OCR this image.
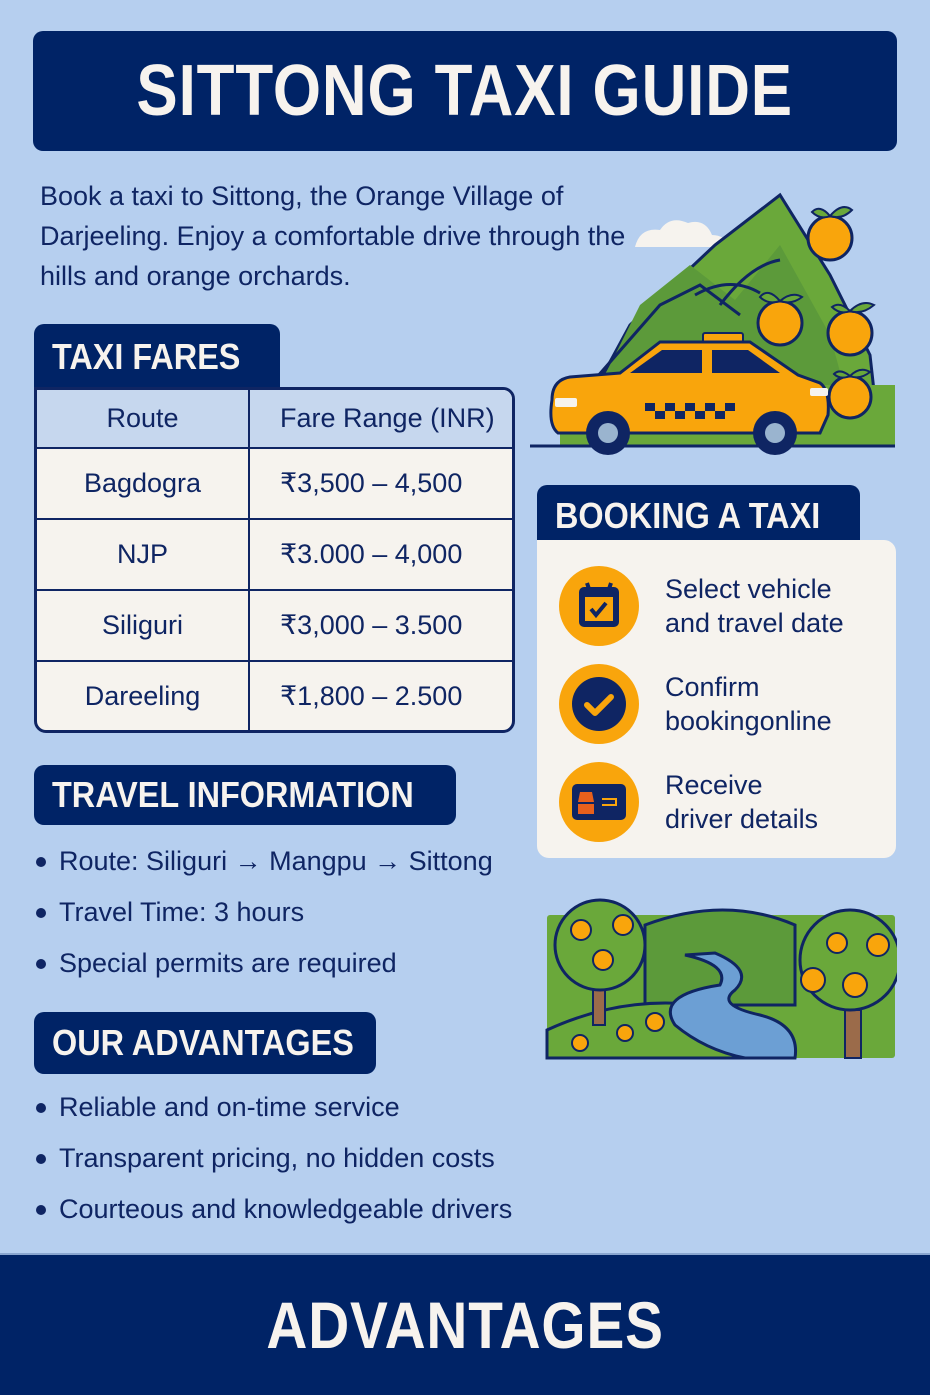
SITTONG TAXI GUIDE

Book a taxi to Sittong, the Orange Village of Darjeeling. Enjoy a comfortable drive through the hills and orange orchards.

TAXI FARES
Route	Fare Range (INR)
Bagdogra	₹3,500 – 4,500
NJP	₹3.000 – 4,000
Siliguri	₹3,000 – 3.500
Dareeling	₹1,800 – 2.500
BOOKING A TAXI
Select vehicle
and travel date
Confirm
bookingonline
Receive
driver details
TRAVEL INFORMATION
Route: Siliguri → Mangpu → Sittong
Travel Time: 3 hours
Special permits are required
OUR ADVANTAGES
Reliable and on-time service
Transparent pricing, no hidden costs
Courteous and knowledgeable drivers
ADVANTAGES
